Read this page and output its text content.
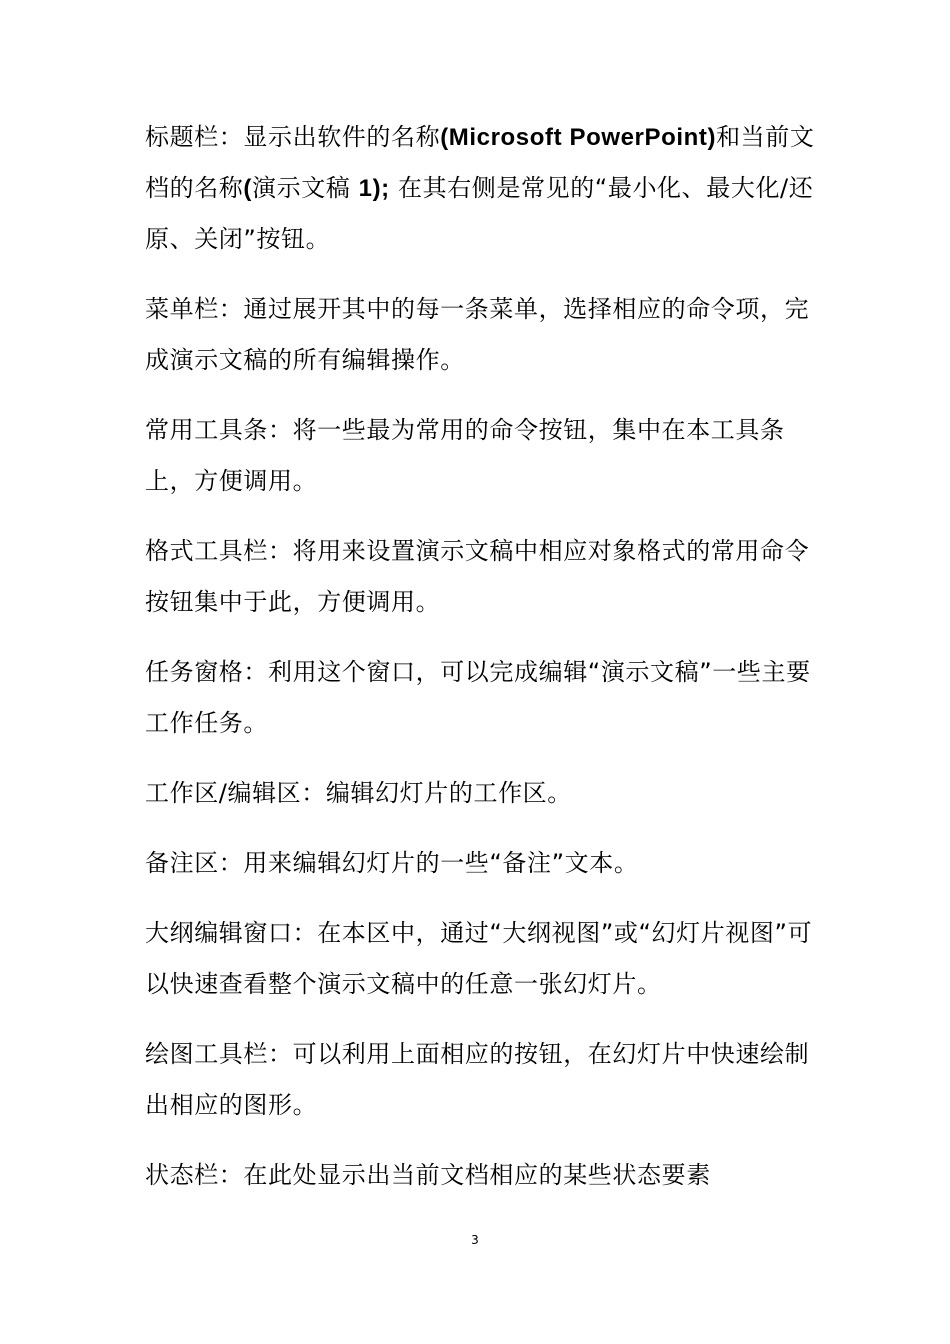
标题栏：显示出软件的名称(Microsoft PowerPoint)和当前文档的名称(演示文稿 1); 在其右侧是常见的“最小化、最大化/还原、关闭”按钮。

菜单栏：通过展开其中的每一条菜单，选择相应的命令项，完成演示文稿的所有编辑操作。

常用工具条：将一些最为常用的命令按钮，集中在本工具条上，方便调用。

格式工具栏：将用来设置演示文稿中相应对象格式的常用命令按钮集中于此，方便调用。

任务窗格：利用这个窗口，可以完成编辑“演示文稿”一些主要工作任务。

工作区/编辑区：编辑幻灯片的工作区。

备注区：用来编辑幻灯片的一些“备注”文本。

大纲编辑窗口：在本区中，通过“大纲视图”或“幻灯片视图”可以快速查看整个演示文稿中的任意一张幻灯片。

绘图工具栏：可以利用上面相应的按钮，在幻灯片中快速绘制出相应的图形。

状态栏：在此处显示出当前文档相应的某些状态要素

3
